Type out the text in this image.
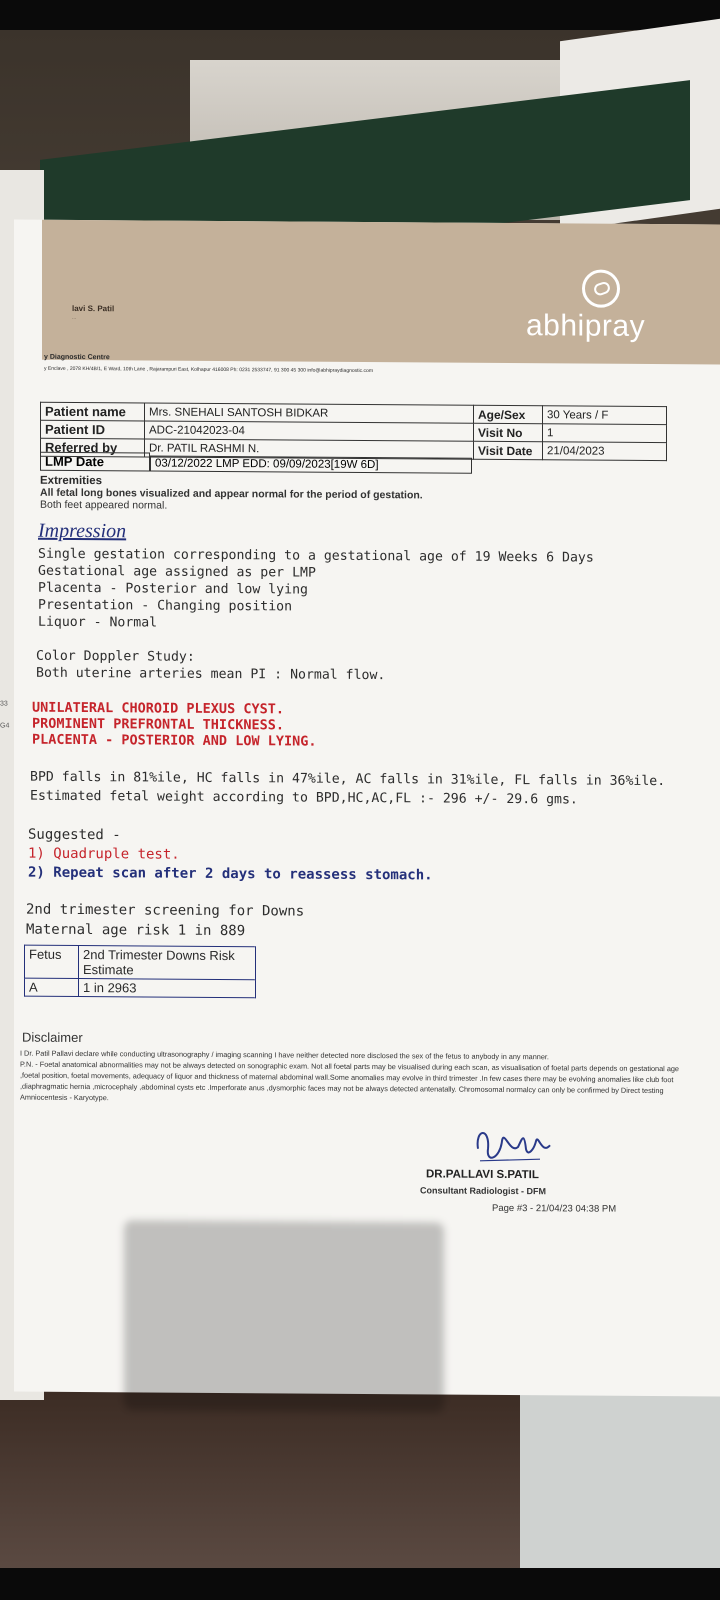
lavi S. Patil
...	abhipray
y Diagnostic Centre
y Enclave , 2078 KH/4B/1, E Ward, 10th Lane , Rajarampuri East, Kolhapur 416008 Ph: 0231 2533747, 91 300 45 300 info@abhipraydiagnostic.com
Patient name	Mrs. SNEHALI SANTOSH BIDKAR	Age/Sex	30 Years / F
Patient ID	ADC-21042023-04	Visit No	1
Referred by	Dr. PATIL RASHMI N.	Visit Date	21/04/2023
LMP Date	03/12/2022 LMP EDD: 09/09/2023[19W 6D]
Extremities
All fetal long bones visualized and appear normal for the period of gestation.
Both feet appeared normal.
Impression
Single gestation corresponding to a gestational age of 19 Weeks 6 Days
Gestational age assigned as per LMP
Placenta - Posterior and low lying
Presentation - Changing position
Liquor - Normal
Color Doppler Study:
Both uterine arteries mean PI : Normal flow.
UNILATERAL CHOROID PLEXUS CYST.
PROMINENT PREFRONTAL THICKNESS.
PLACENTA - POSTERIOR AND LOW LYING.
BPD falls in 81%ile, HC falls in 47%ile, AC falls in 31%ile, FL falls in 36%ile.
Estimated fetal weight according to BPD,HC,AC,FL :- 296 +/- 29.6 gms.
Suggested -
1) Quadruple test.
2) Repeat scan after 2 days to reassess stomach.
2nd trimester screening for Downs
Maternal age risk 1 in 889
Fetus	2nd Trimester Downs Risk Estimate
A	1 in 2963
Disclaimer
I Dr. Patil Pallavi declare while conducting ultrasonography / imaging scanning I have neither detected nore disclosed the sex of the fetus to anybody in any manner.
P.N. - Foetal anatomical abnormalities may not be always detected on sonographic exam. Not all foetal parts may be visualised during each scan, as visualisation of foetal parts depends on gestational age ,foetal position, foetal movements, adequacy of liquor and thickness of maternal abdominal wall.Some anomalies may evolve in third trimester .In few cases there may be evolving anomalies like club foot ,diaphragmatic hernia ,microcephaly ,abdominal cysts etc .Imperforate anus ,dysmorphic faces may not be always detected antenatally. Chromosomal normalcy can only be confirmed by Direct testing Amniocentesis - Karyotype.
DR.PALLAVI S.PATIL
Consultant Radiologist - DFM
Page #3 - 21/04/23 04:38 PM
33
G4
